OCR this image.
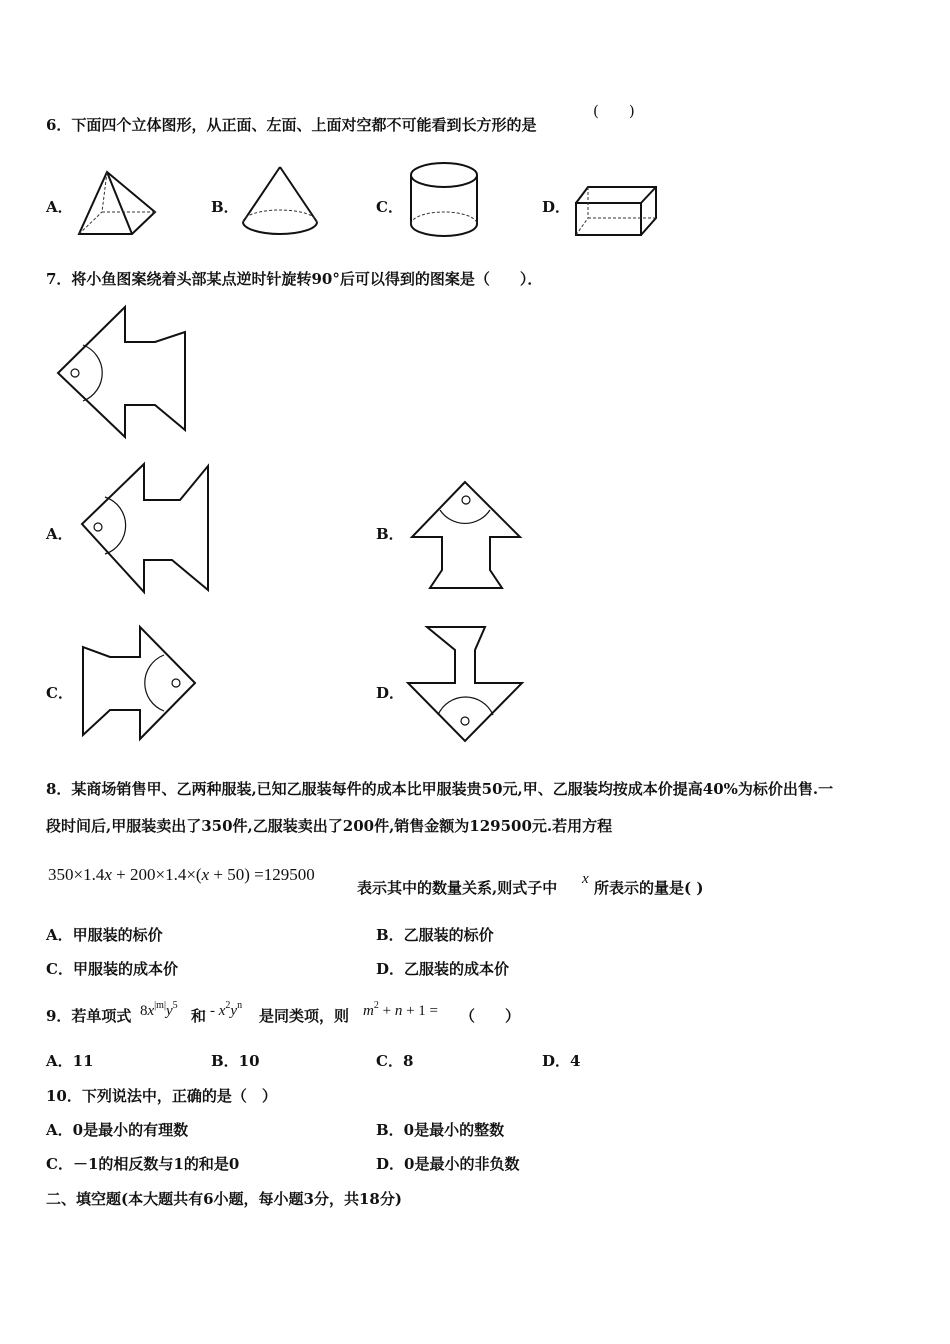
6．下面四个立体图形，从正面、左面、上面对空都不可能看到长方形的是
(　　)
A．	B．	C．	D．
7．将小鱼图案绕着头部某点逆时针旋转90°后可以得到的图案是（　　）．
A．	B．
C．	D．
8．某商场销售甲、乙两种服装,已知乙服装每件的成本比甲服装贵50元,甲、乙服装均按成本价提高40%为标价出售.一
段时间后,甲服装卖出了350件,乙服装卖出了200件,销售金额为129500元.若用方程
350×1.4x + 200×1.4×(x + 50) =129500
表示其中的数量关系,则式子中 x 所表示的量是( )
A．甲服装的标价	B．乙服装的标价
C．甲服装的成本价	D．乙服装的成本价
9．若单项式 $8x^{|m|}y^5$
和 - $x^2y^n$
是同类项，则 $m^2 + n + 1$ = （　　）
A．11	B．10	C．8	D．4
10．下列说法中，正确的是（　）
A．0是最小的有理数	B．0是最小的整数
C．－1的相反数与1的和是0	D．0是最小的非负数
二、填空题(本大题共有6小题，每小题3分，共18分)
